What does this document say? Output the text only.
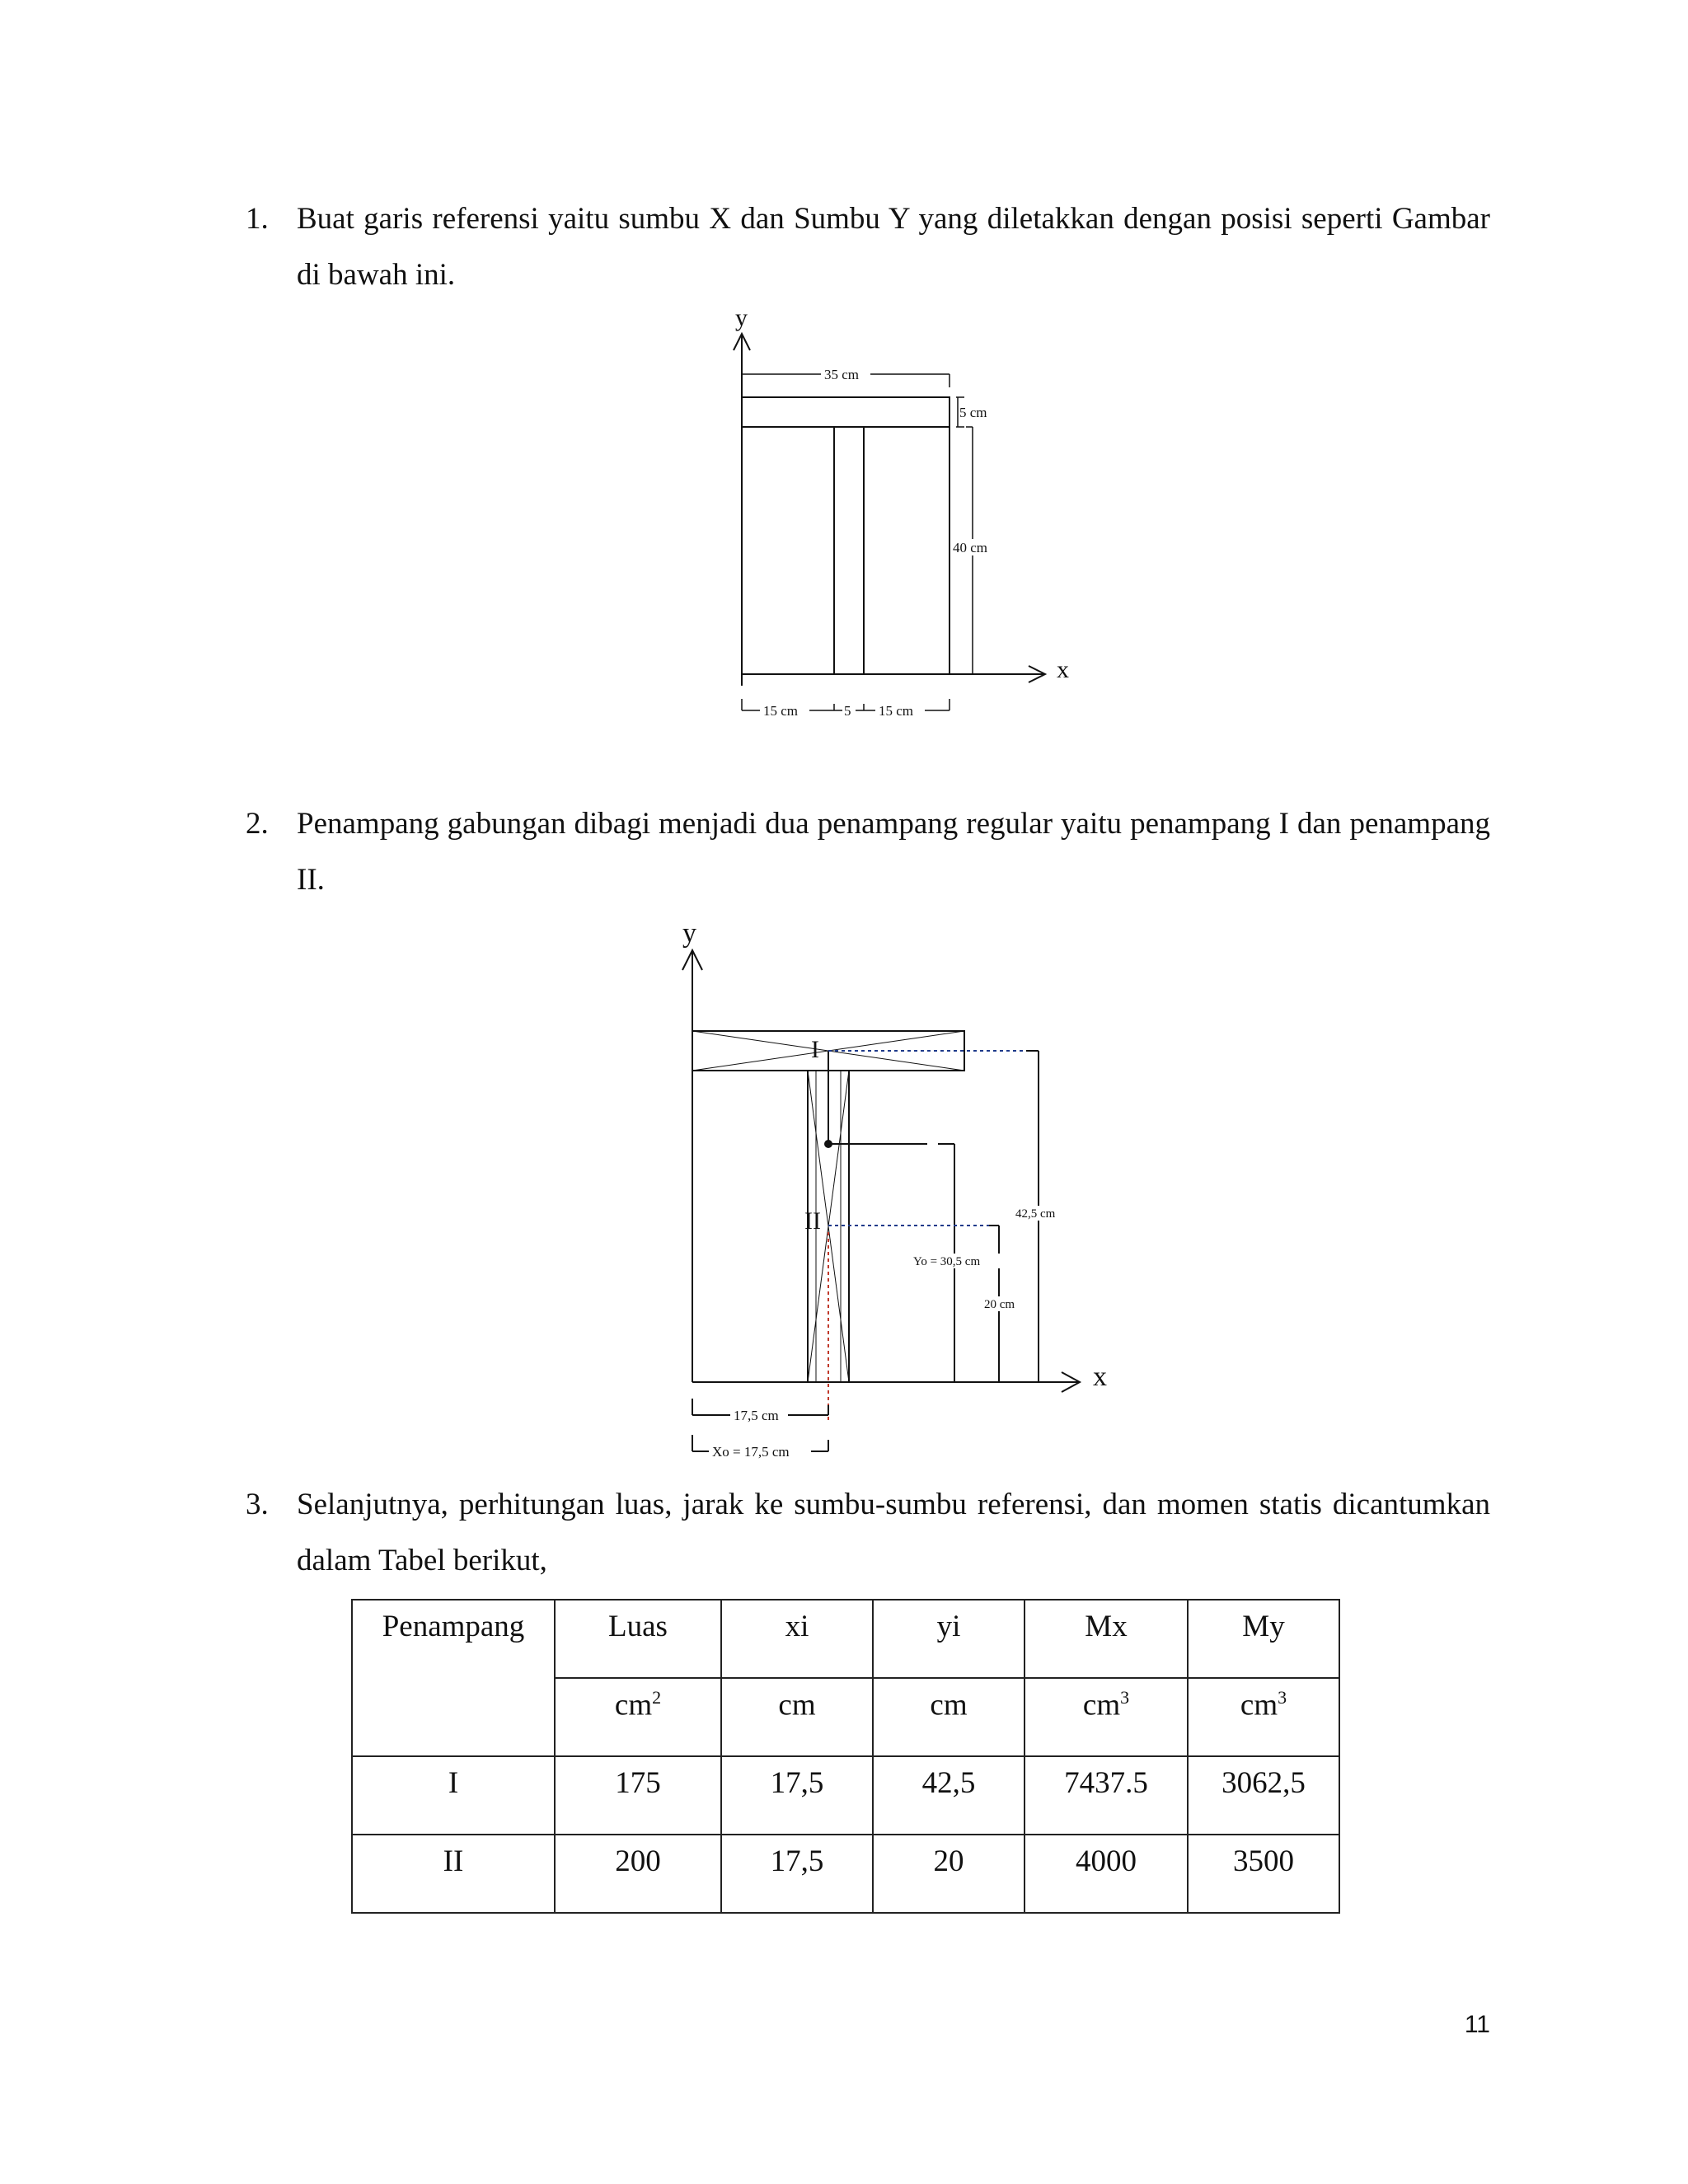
1. Buat garis referensi yaitu sumbu X dan Sumbu Y yang diletakkan dengan posisi seperti Gambar di bawah ini.
y
x
35 cm
5 cm
40 cm
15 cm	5 15 cm
2. Penampang gabungan dibagi menjadi dua penampang regular yaitu penampang I dan penampang II.
y
x
I
II	42,5 cm
20 cm
Yo = 30,5 cm
17,5 cm
Xo = 17,5 cm
3. Selanjutnya, perhitungan luas, jarak ke sumbu-sumbu referensi, dan momen statis dicantumkan dalam Tabel berikut,
Penampang	Luas	xi	yi	Mx	My
	$cm^2$	cm	cm	$cm^3$	$cm^3$
I	175	17,5	42,5	7437.5	3062,5
II	200	17,5	20	4000	3500
11
